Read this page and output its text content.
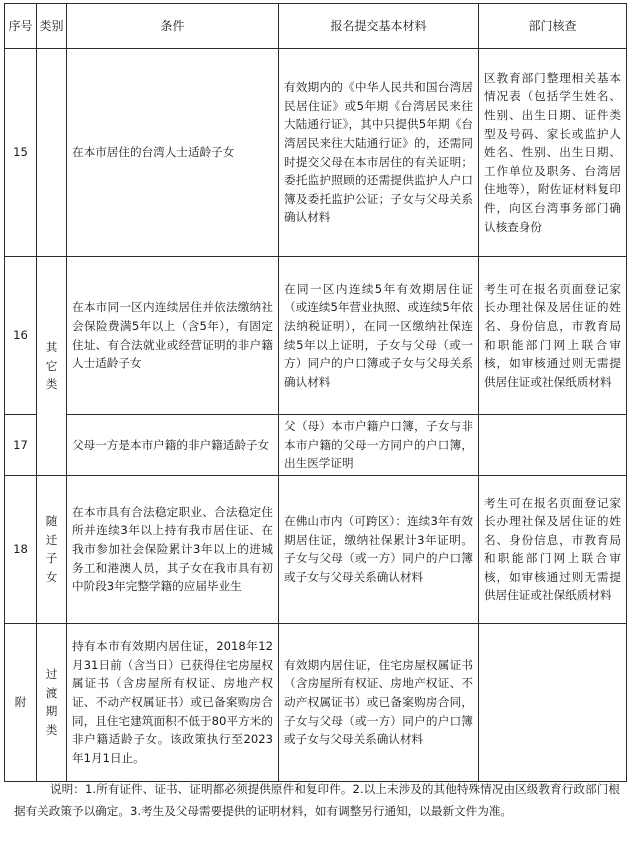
序号	类别	条件	报名提交基本材料	部门核查
15		在本市居住的台湾人士适龄子女	有效期内的《中华人民共和国台湾居民居住证》或5年期《台湾居民来往大陆通行证》，其中只提供5年期《台湾居民来往大陆通行证》的，还需同时提交父母在本市居住的有关证明；委托监护照顾的还需提供监护人户口簿及委托监护公证；子女与父母关系确认材料	区教育部门整理相关基本情况表（包括学生姓名、性别、出生日期、证件类型及号码、家长或监护人姓名、性别、出生日期、工作单位及职务、台湾居住地等），附佐证材料复印件，向区台湾事务部门确认核查身份
16	其它类	在本市同一区内连续居住并依法缴纳社会保险费满5年以上（含5年），有固定住址、有合法就业或经营证明的非户籍人士适龄子女	在同一区内连续5年有效期居住证（或连续5年营业执照、或连续5年依法纳税证明），在同一区缴纳社保连续5年以上证明，子女与父母（或一方）同户的户口簿或子女与父母关系确认材料	考生可在报名页面登记家长办理社保及居住证的姓名、身份信息，市教育局和职能部门网上联合审核，如审核通过则无需提供居住证或社保纸质材料
17		父母一方是本市户籍的非户籍适龄子女	父（母）本市户籍户口簿，子女与非本市户籍的父母一方同户的户口簿，出生医学证明	
18	随迁子女	在本市具有合法稳定职业、合法稳定住所并连续3年以上持有我市居住证、在我市参加社会保险累计3年以上的进城务工和港澳人员，其子女在我市具有初中阶段3年完整学籍的应届毕业生	在佛山市内（可跨区）：连续3年有效期居住证，缴纳社保累计3年证明。子女与父母（或一方）同户的户口簿或子女与父母关系确认材料	考生可在报名页面登记家长办理社保及居住证的姓名、身份信息，市教育局和职能部门网上联合审核，如审核通过则无需提供居住证或社保纸质材料
附	过渡期类	持有本市有效期内居住证，2018年12月31日前（含当日）已获得住宅房屋权属证书（含房屋所有权证、房地产权证、不动产权属证书）或已备案购房合同，且住宅建筑面积不低于80平方米的非户籍适龄子女。该政策执行至2023年1月1日止。	有效期内居住证，住宅房屋权属证书（含房屋所有权证、房地产权证、不动产权属证书）或已备案购房合同，子女与父母（或一方）同户的户口簿或子女与父母关系确认材料	
说明：1.所有证件、证书、证明都必须提供原件和复印件。2.以上未涉及的其他特殊情况由区级教育行政部门根据有关政策予以确定。3.考生及父母需要提供的证明材料，如有调整另行通知，以最新文件为准。
